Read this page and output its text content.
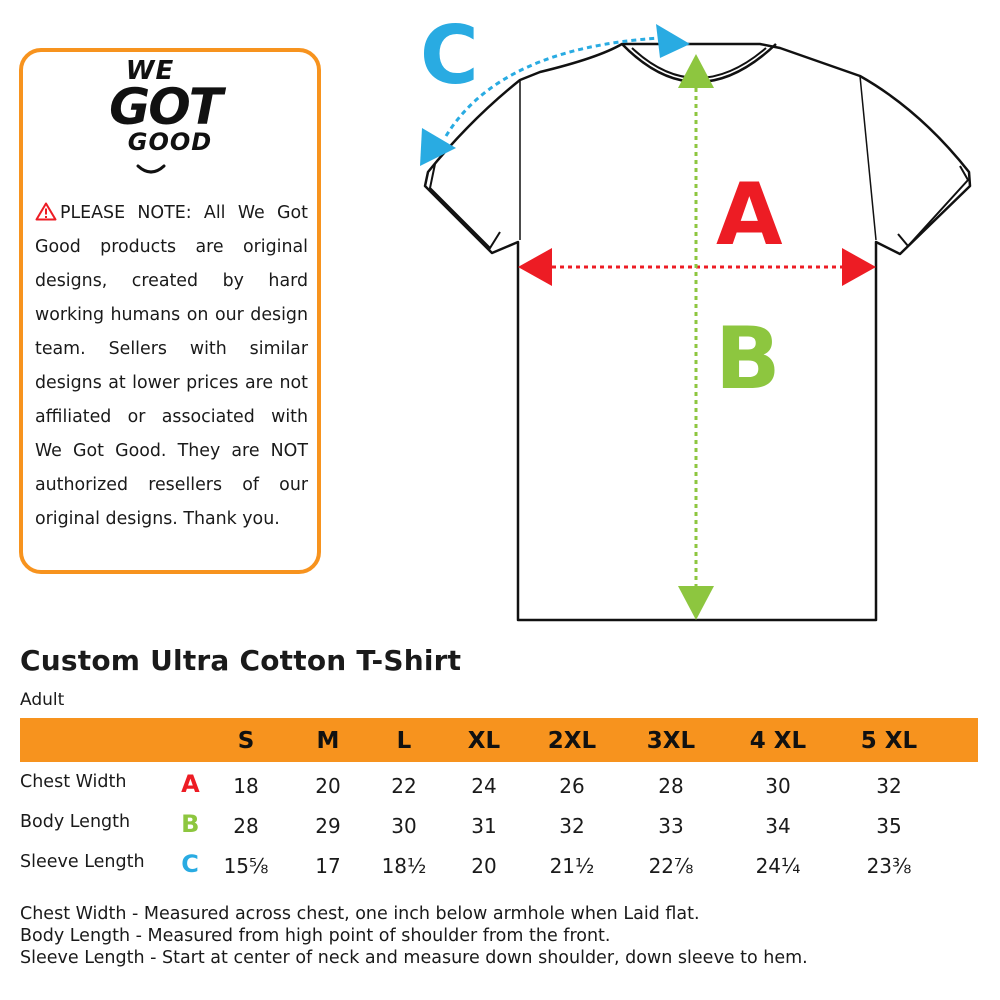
WE
GOT
GOOD
PLEASE NOTE: All We Got Good products are original designs, created by hard working humans on our design team. Sellers with similar designs at lower prices are not affiliated or associated with We Got Good. They are NOT authorized resellers of our original designs. Thank you.
C
A
B
Custom Ultra Cotton T-Shirt
Adult
S	M L XL 2XL 3XL 4 XL 5 XL
Chest Width A 18	20	22	24	26	28	30	32
Body Length B 28	29	30	31	32	33	34	35
Sleeve Length C 15⅝ 17 18½ 20	21½	22⅞	24¼	23⅜
Chest Width - Measured across chest, one inch below armhole when Laid flat.
Body Length - Measured from high point of shoulder from the front.
Sleeve Length - Start at center of neck and measure down shoulder, down sleeve to hem.
